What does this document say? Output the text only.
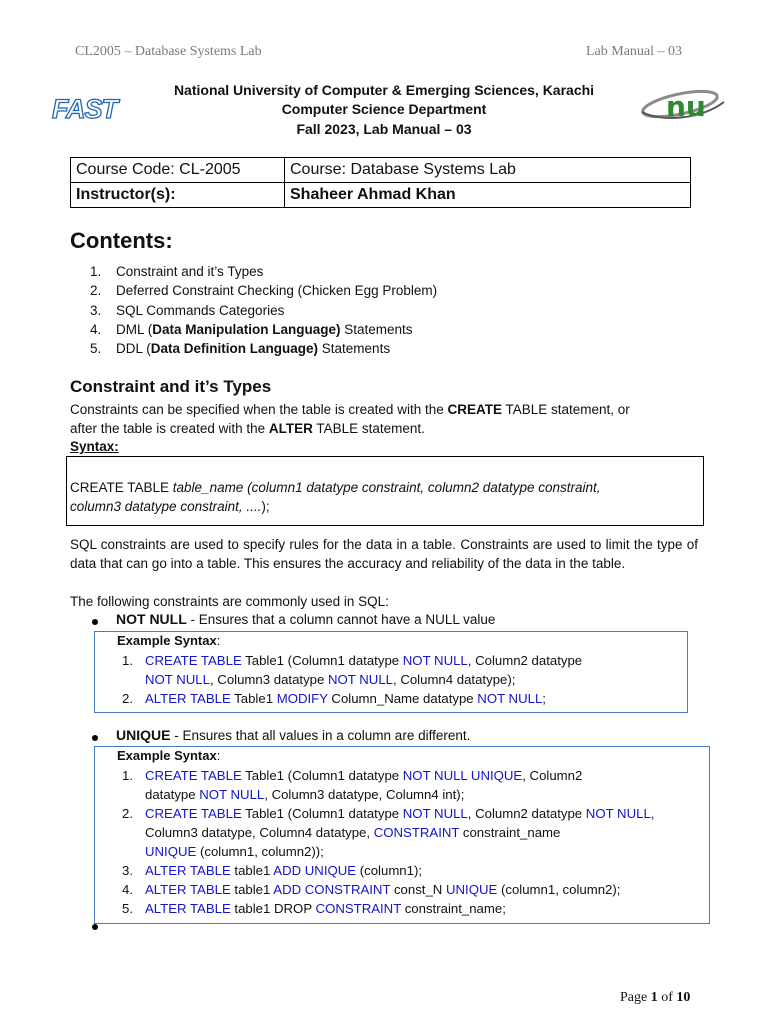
CL2005 – Database Systems Lab	Lab Manual – 03
FAST	nu
National University of Computer & Emerging Sciences, Karachi
Computer Science Department
Fall 2023, Lab Manual – 03
Course Code: CL-2005	Course: Database Systems Lab
Instructor(s):	Shaheer Ahmad Khan
Contents:
1. Constraint and it’s Types
2. Deferred Constraint Checking (Chicken Egg Problem)
3. SQL Commands Categories
4. DML (Data Manipulation Language) Statements
5. DDL (Data Definition Language) Statements
Constraint and it’s Types
Constraints can be specified when the table is created with the CREATE TABLE statement, or
after the table is created with the ALTER TABLE statement.
Syntax:
CREATE TABLE table_name (column1 datatype constraint, column2 datatype constraint,
column3 datatype constraint, ....);
SQL constraints are used to specify rules for the data in a table. Constraints are used to limit the type of data that can go into a table. This ensures the accuracy and reliability of the data in the table.
The following constraints are commonly used in SQL:
NOT NULL - Ensures that a column cannot have a NULL value
Example Syntax:
1. CREATE TABLE Table1 (Column1 datatype NOT NULL, Column2 datatype
NOT NULL, Column3 datatype NOT NULL, Column4 datatype);
2. ALTER TABLE Table1 MODIFY Column_Name datatype NOT NULL;
UNIQUE - Ensures that all values in a column are different.
Example Syntax:
1. CREATE TABLE Table1 (Column1 datatype NOT NULL UNIQUE, Column2
datatype NOT NULL, Column3 datatype, Column4 int);
2. CREATE TABLE Table1 (Column1 datatype NOT NULL, Column2 datatype NOT NULL,
Column3 datatype, Column4 datatype, CONSTRAINT constraint_name
UNIQUE (column1, column2));
3. ALTER TABLE table1 ADD UNIQUE (column1);
4. ALTER TABLE table1 ADD CONSTRAINT const_N UNIQUE (column1, column2);
5. ALTER TABLE table1 DROP CONSTRAINT constraint_name;
Page 1 of 10
